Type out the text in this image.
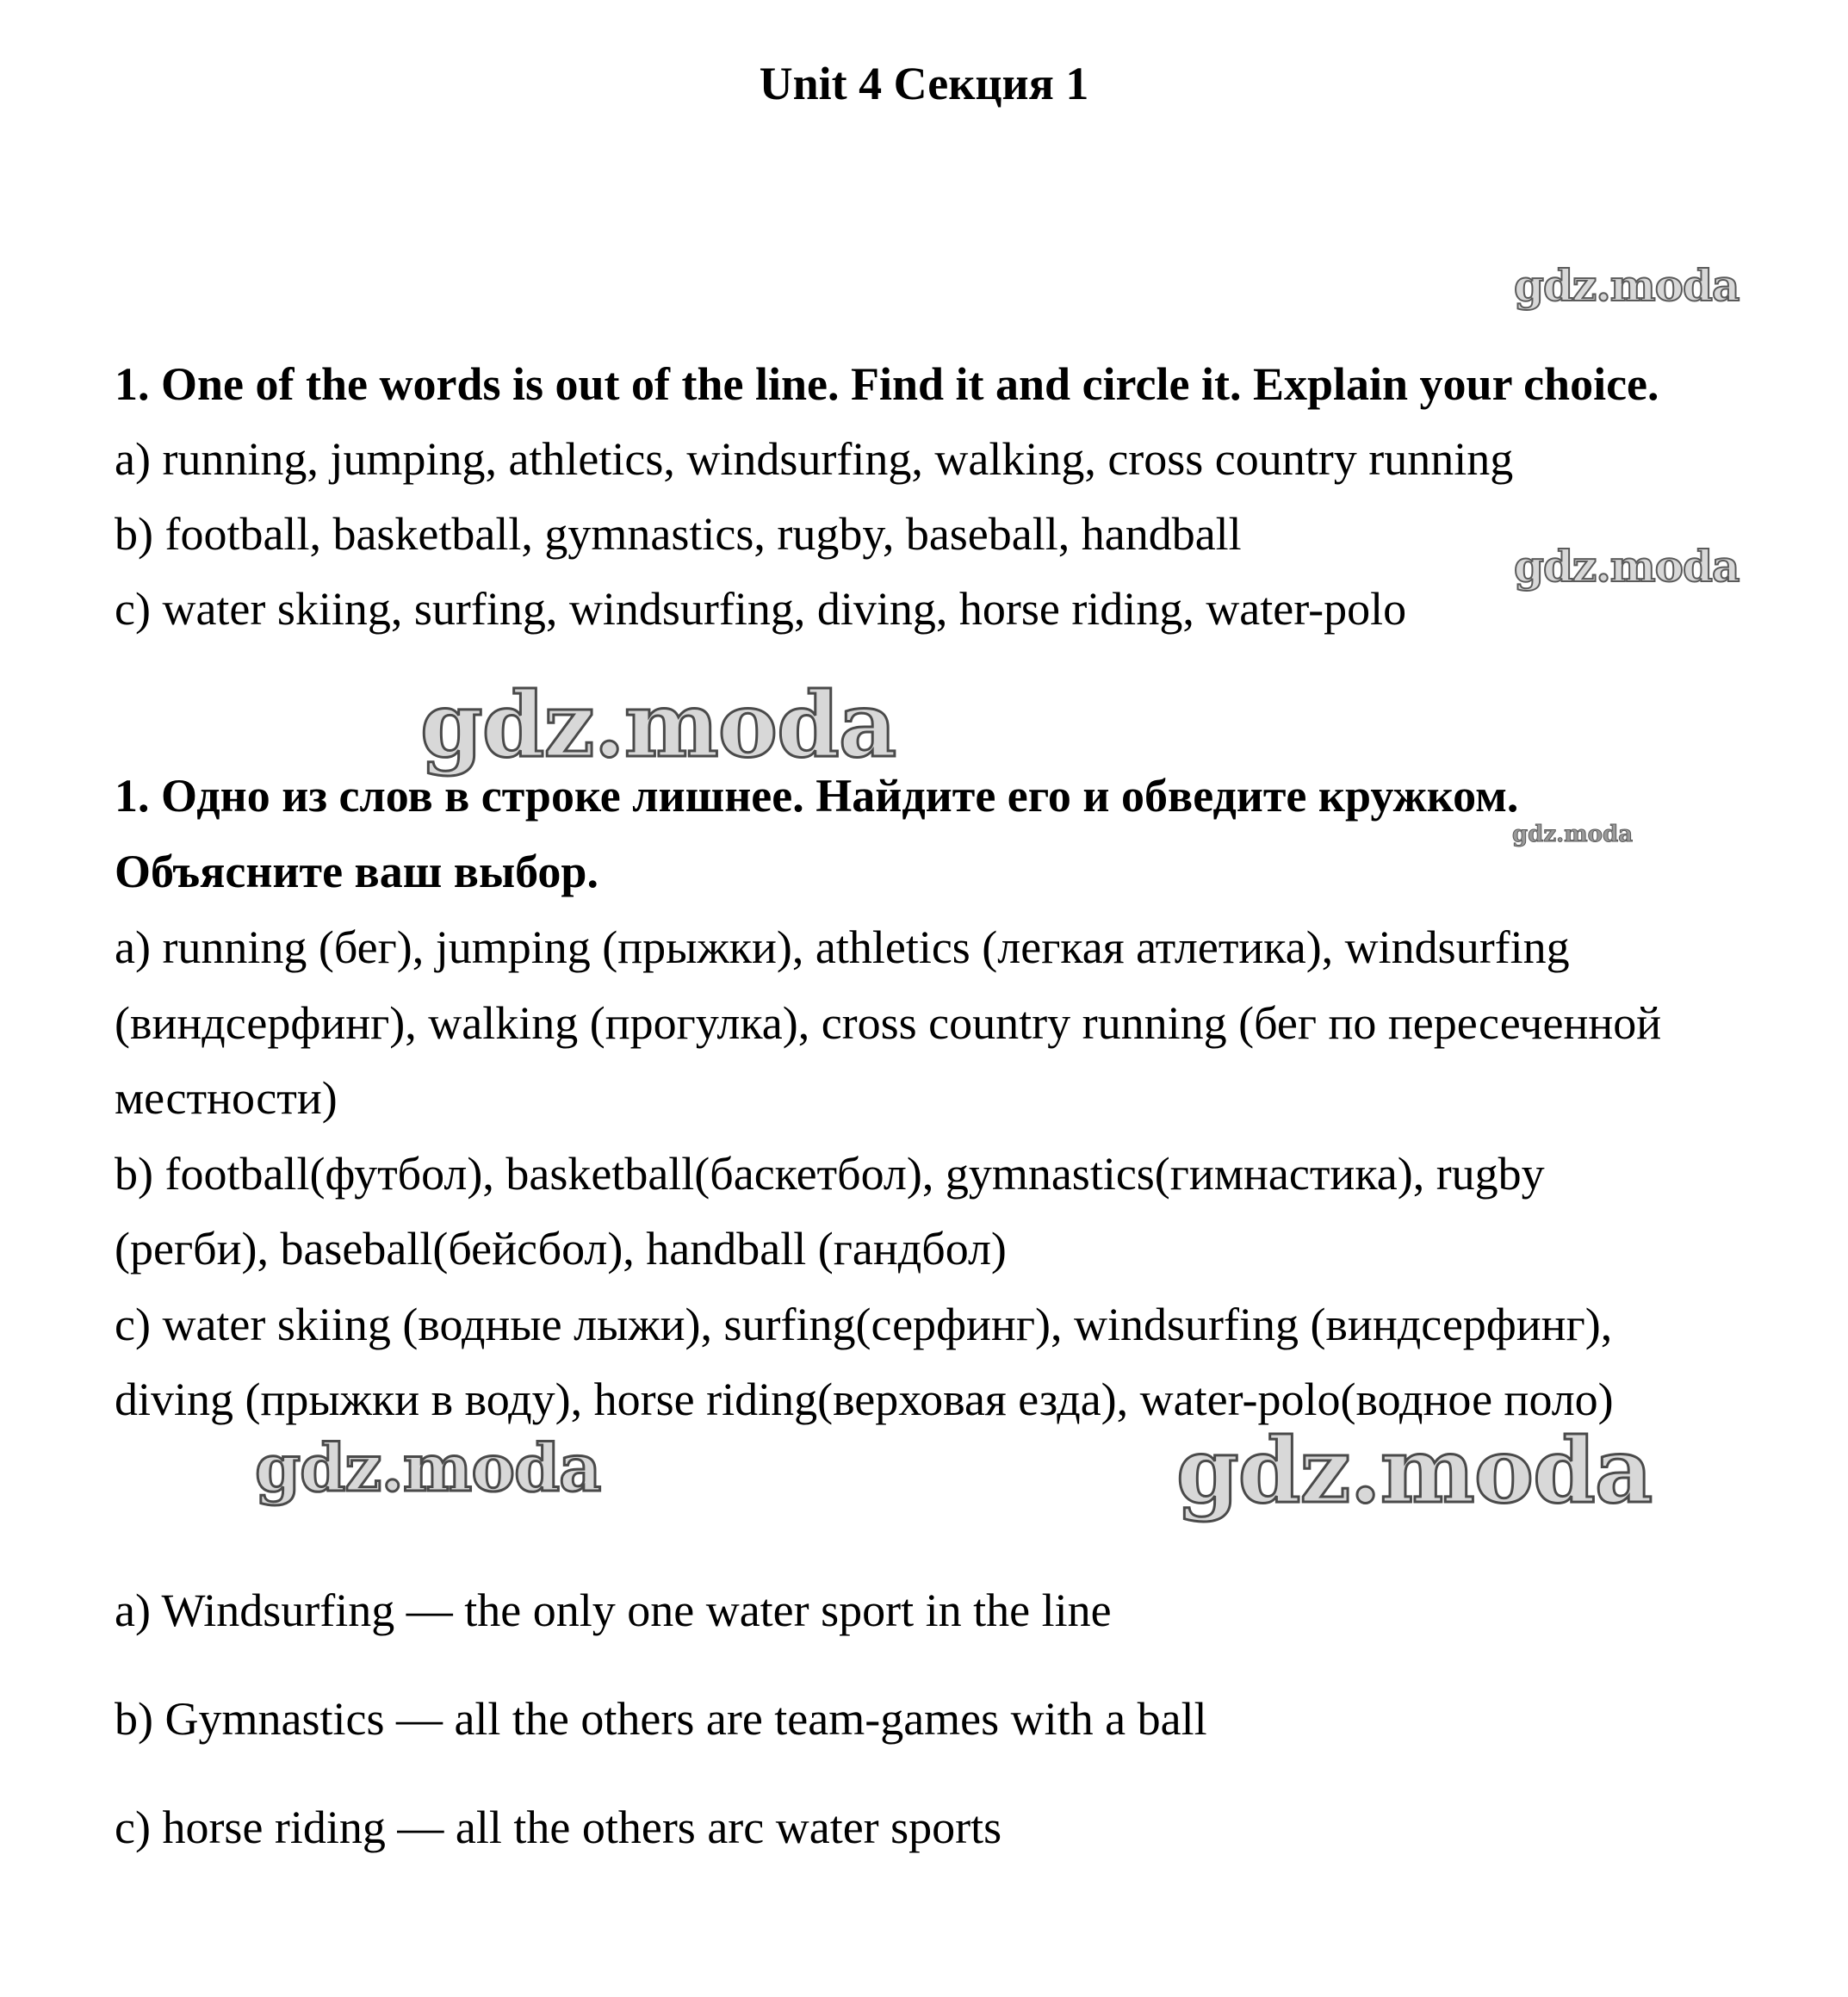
Unit 4 Секция 1
gdz.moda
gdz.moda
gdz.moda
gdz.moda
gdz.moda	gdz.moda
1. One of the words is out of the line. Find it and circle it. Explain your choice.
a) running, jumping, athletics, windsurfing, walking, cross country running
b) football, basketball, gymnastics, rugby, baseball, handball
c) water skiing, surfing, windsurfing, diving, horse riding, water-polo
1. Одно из слов в строке лишнее. Найдите его и обведите кружком.
Объясните ваш выбор.
a) running (бег), jumping (прыжки), athletics (легкая атлетика), windsurfing
(виндсерфинг), walking (прогулка), cross country running (бег по пересеченной
местности)
b) football(футбол), basketball(баскетбол), gymnastics(гимнастика), rugby
(регби), baseball(бейсбол), handball (гандбол)
c) water skiing (водные лыжи), surfing(серфинг), windsurfing (виндсерфинг),
diving (прыжки в воду), horse riding(верховая езда), water-polo(водное поло)
a) Windsurfing — the only one water sport in the line
b) Gymnastics — all the others are team-games with a ball
c) horse riding — all the others arc water sports
